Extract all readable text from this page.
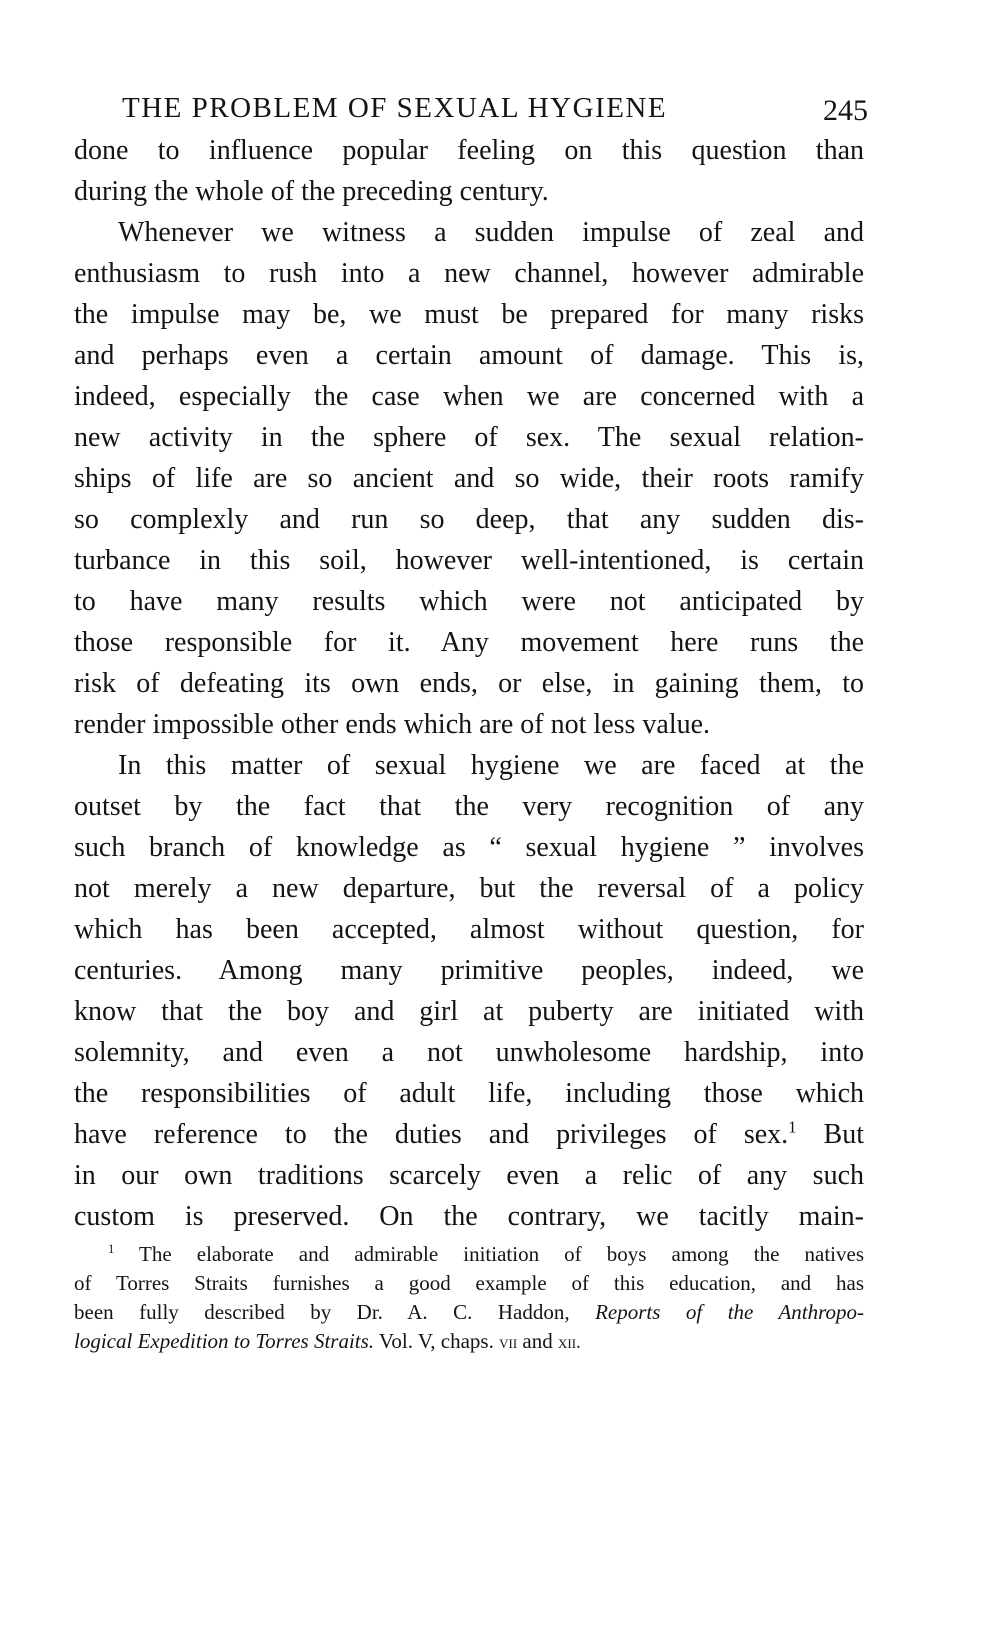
THE PROBLEM OF SEXUAL HYGIENE	245
done to influence popular feeling on this question than
during the whole of the preceding century.
Whenever we witness a sudden impulse of zeal and
enthusiasm to rush into a new channel, however admirable
the impulse may be, we must be prepared for many risks
and perhaps even a certain amount of damage. This is,
indeed, especially the case when we are concerned with a
new activity in the sphere of sex. The sexual relation-
ships of life are so ancient and so wide, their roots ramify
so complexly and run so deep, that any sudden dis-
turbance in this soil, however well-intentioned, is certain
to have many results which were not anticipated by
those responsible for it. Any movement here runs the
risk of defeating its own ends, or else, in gaining them, to
render impossible other ends which are of not less value.
In this matter of sexual hygiene we are faced at the
outset by the fact that the very recognition of any
such branch of knowledge as “ sexual hygiene ” involves
not merely a new departure, but the reversal of a policy
which has been accepted, almost without question, for
centuries. Among many primitive peoples, indeed, we
know that the boy and girl at puberty are initiated with
solemnity, and even a not unwholesome hardship, into
the responsibilities of adult life, including those which
have reference to the duties and privileges of sex.$^1$ But
in our own traditions scarcely even a relic of any such
custom is preserved. On the contrary, we tacitly main-
$^1$ The elaborate and admirable initiation of boys among the natives
of Torres Straits furnishes a good example of this education, and has
been fully described by Dr. A. C. Haddon, Reports of the Anthropo-
logical Expedition to Torres Straits. Vol. V, chaps. vii and xii.
